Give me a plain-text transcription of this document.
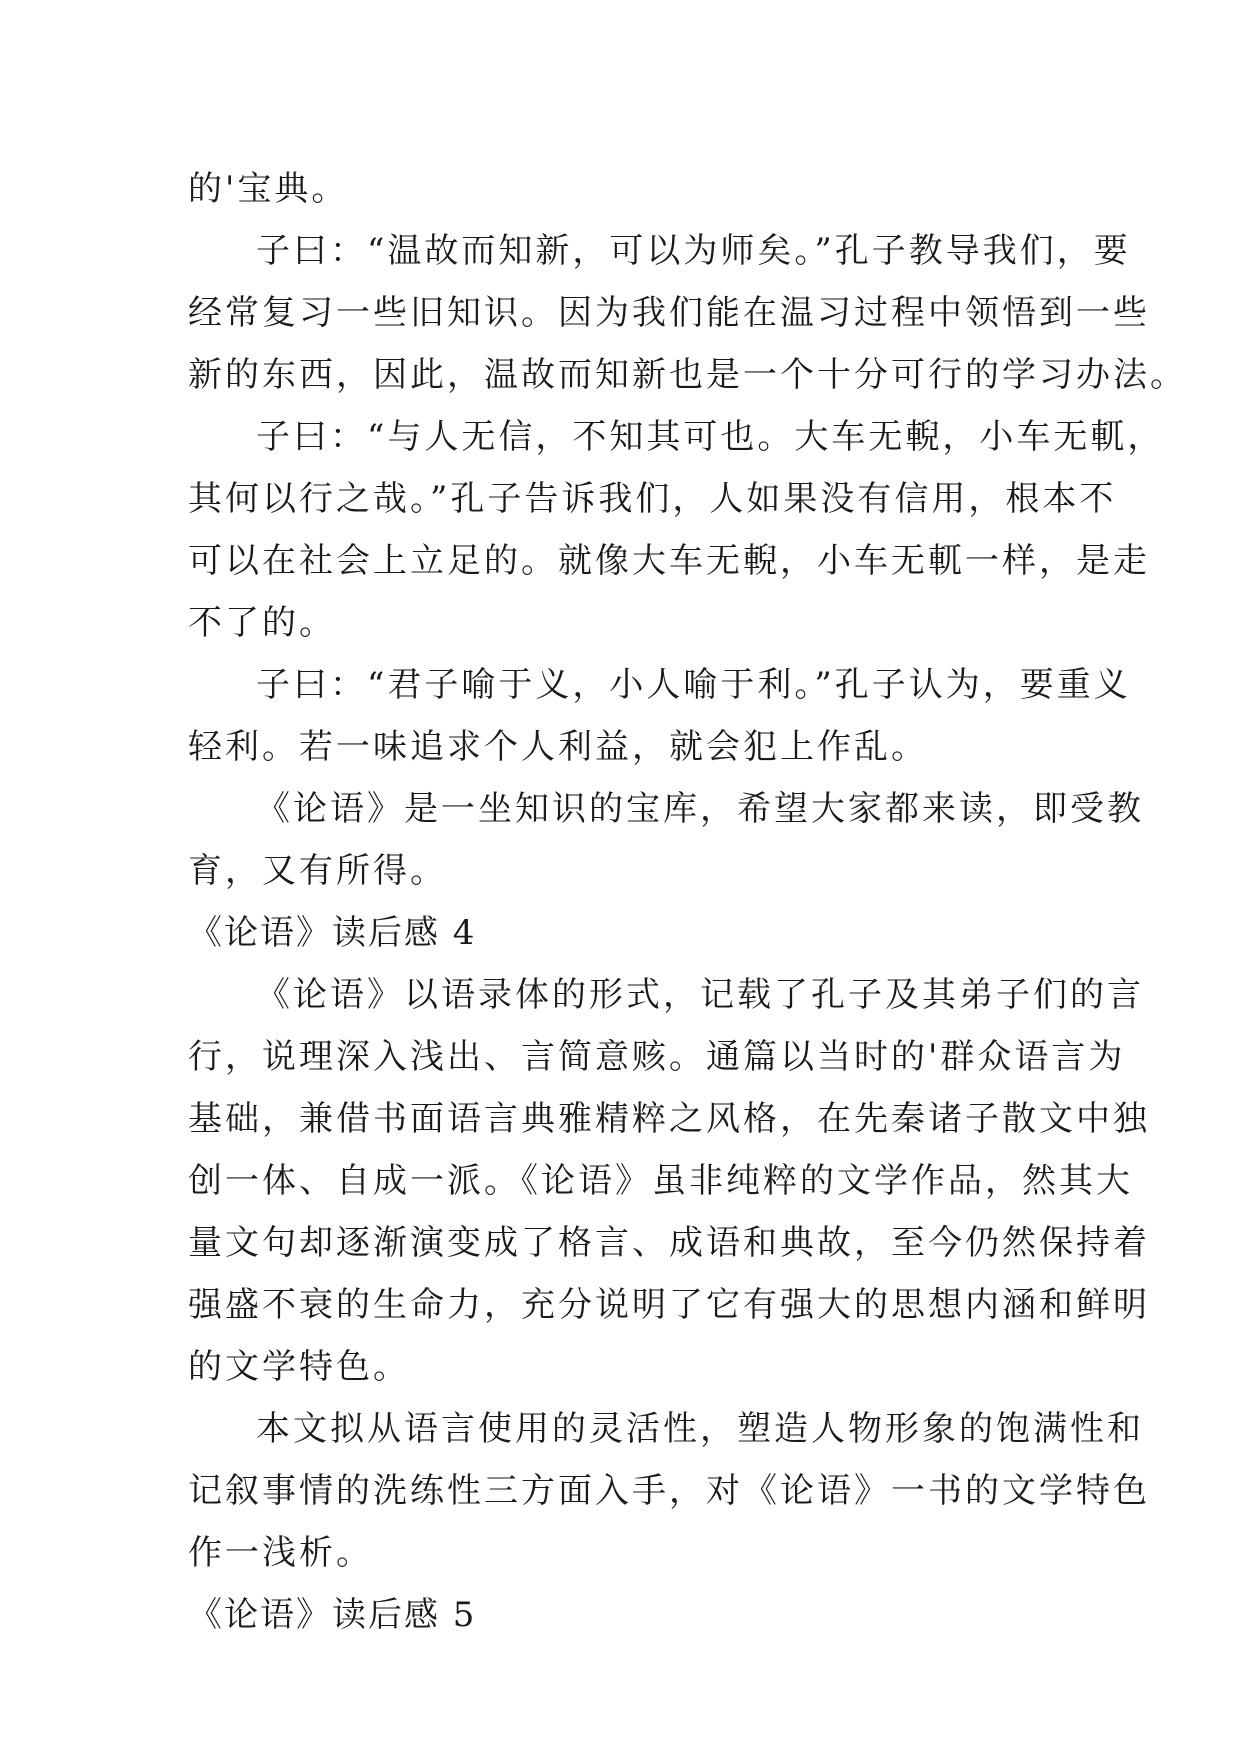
的'宝典。
子曰：“温故而知新，可以为师矣。”孔子教导我们，要
经常复习一些旧知识。因为我们能在温习过程中领悟到一些
新的东西，因此，温故而知新也是一个十分可行的学习办法。
子曰：“与人无信，不知其可也。大车无輗，小车无軏，
其何以行之哉。”孔子告诉我们，人如果没有信用，根本不
可以在社会上立足的。就像大车无輗，小车无軏一样，是走
不了的。
子曰：“君子喻于义，小人喻于利。”孔子认为，要重义
轻利。若一味追求个人利益，就会犯上作乱。
《论语》是一坐知识的宝库，希望大家都来读，即受教
育，又有所得。
《论语》读后感 4
《论语》以语录体的形式，记载了孔子及其弟子们的言
行，说理深入浅出、言简意赅。通篇以当时的'群众语言为
基础，兼借书面语言典雅精粹之风格，在先秦诸子散文中独
创一体、自成一派。《论语》虽非纯粹的文学作品，然其大
量文句却逐渐演变成了格言、成语和典故，至今仍然保持着
强盛不衰的生命力，充分说明了它有强大的思想内涵和鲜明
的文学特色。
本文拟从语言使用的灵活性，塑造人物形象的饱满性和
记叙事情的洗练性三方面入手，对《论语》一书的文学特色
作一浅析。
《论语》读后感 5
